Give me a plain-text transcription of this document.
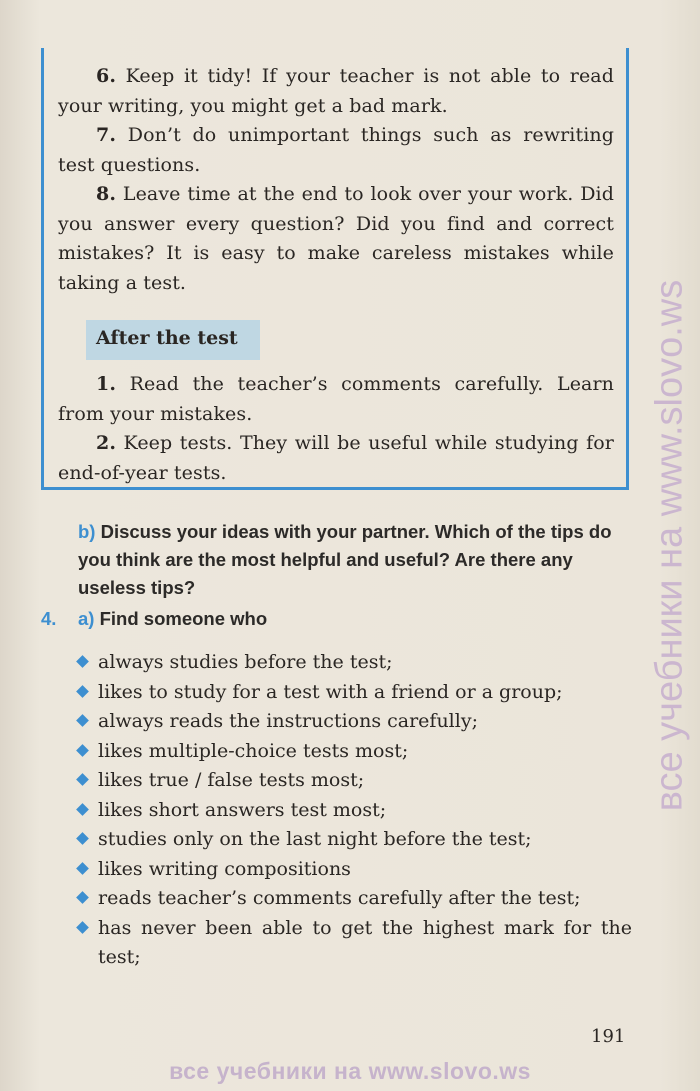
6. Keep it tidy! If your teacher is not able to read your writing, you might get a bad mark.

7. Don’t do unimportant things such as rewriting test questions.

8. Leave time at the end to look over your work. Did you answer every question? Did you find and correct mistakes? It is easy to make careless mistakes while taking a test.

After the test

1. Read the teacher’s comments carefully. Learn from your mistakes.

2. Keep tests. They will be useful while studying for end-of-year tests.

b) Discuss your ideas with your partner. Which of the tips do you think are the most helpful and useful? Are there any useless tips?
4. a) Find someone who
always studies before the test;
likes to study for a test with a friend or a group;
always reads the instructions carefully;
likes multiple-choice tests most;
likes true / false tests most;
likes short answers test most;
studies only on the last night before the test;
likes writing compositions
reads teacher’s comments carefully after the test;
has never been able to get the highest mark for the test;
191
все учебники на www.slovo.ws
все учебники на www.slovo.ws
